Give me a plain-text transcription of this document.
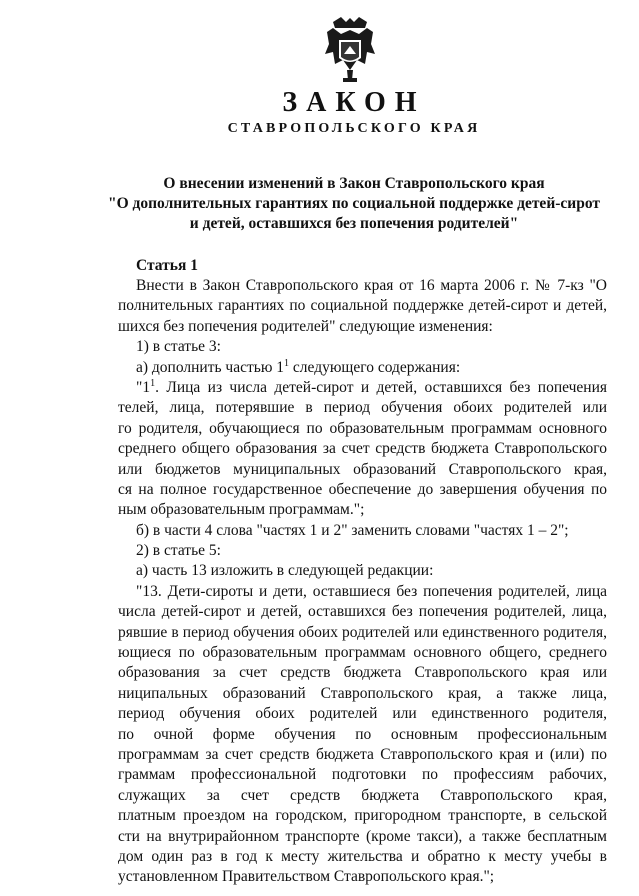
ЗАКОН
СТАВРОПОЛЬСКОГО КРАЯ
О внесении изменений в Закон Ставропольского края
"О дополнительных гарантиях по социальной поддержке детей-сирот
и детей, оставшихся без попечения родителей"
Статья 1
Внести в Закон Ставропольского края от 16 марта 2006 г. № 7-кз "О
полнительных гарантиях по социальной поддержке детей-сирот и детей,
шихся без попечения родителей" следующие изменения:
1) в статье 3:
а) дополнить частью $1^1$ следующего содержания:
"$1^1$. Лица из числа детей-сирот и детей, оставшихся без попечения
телей, лица, потерявшие в период обучения обоих родителей или
го родителя, обучающиеся по образовательным программам основного
среднего общего образования за счет средств бюджета Ставропольского
или бюджетов муниципальных образований Ставропольского края,
ся на полное государственное обеспечение до завершения обучения по
ным образовательным программам.";
б) в части 4 слова "частях 1 и 2" заменить словами "частях 1 – 2";
2) в статье 5:
а) часть 13 изложить в следующей редакции:
"13. Дети-сироты и дети, оставшиеся без попечения родителей, лица
числа детей-сирот и детей, оставшихся без попечения родителей, лица,
рявшие в период обучения обоих родителей или единственного родителя,
ющиеся по образовательным программам основного общего, среднего
образования за счет средств бюджета Ставропольского края или
ниципальных образований Ставропольского края, а также лица,
период обучения обоих родителей или единственного родителя,
по очной форме обучения по основным профессиональным
программам за счет средств бюджета Ставропольского края и (или) по
граммам профессиональной подготовки по профессиям рабочих,
служащих за счет средств бюджета Ставропольского края,
платным проездом на городском, пригородном транспорте, в сельской
сти на внутрирайонном транспорте (кроме такси), а также бесплатным
дом один раз в год к месту жительства и обратно к месту учебы в
установленном Правительством Ставропольского края.";
